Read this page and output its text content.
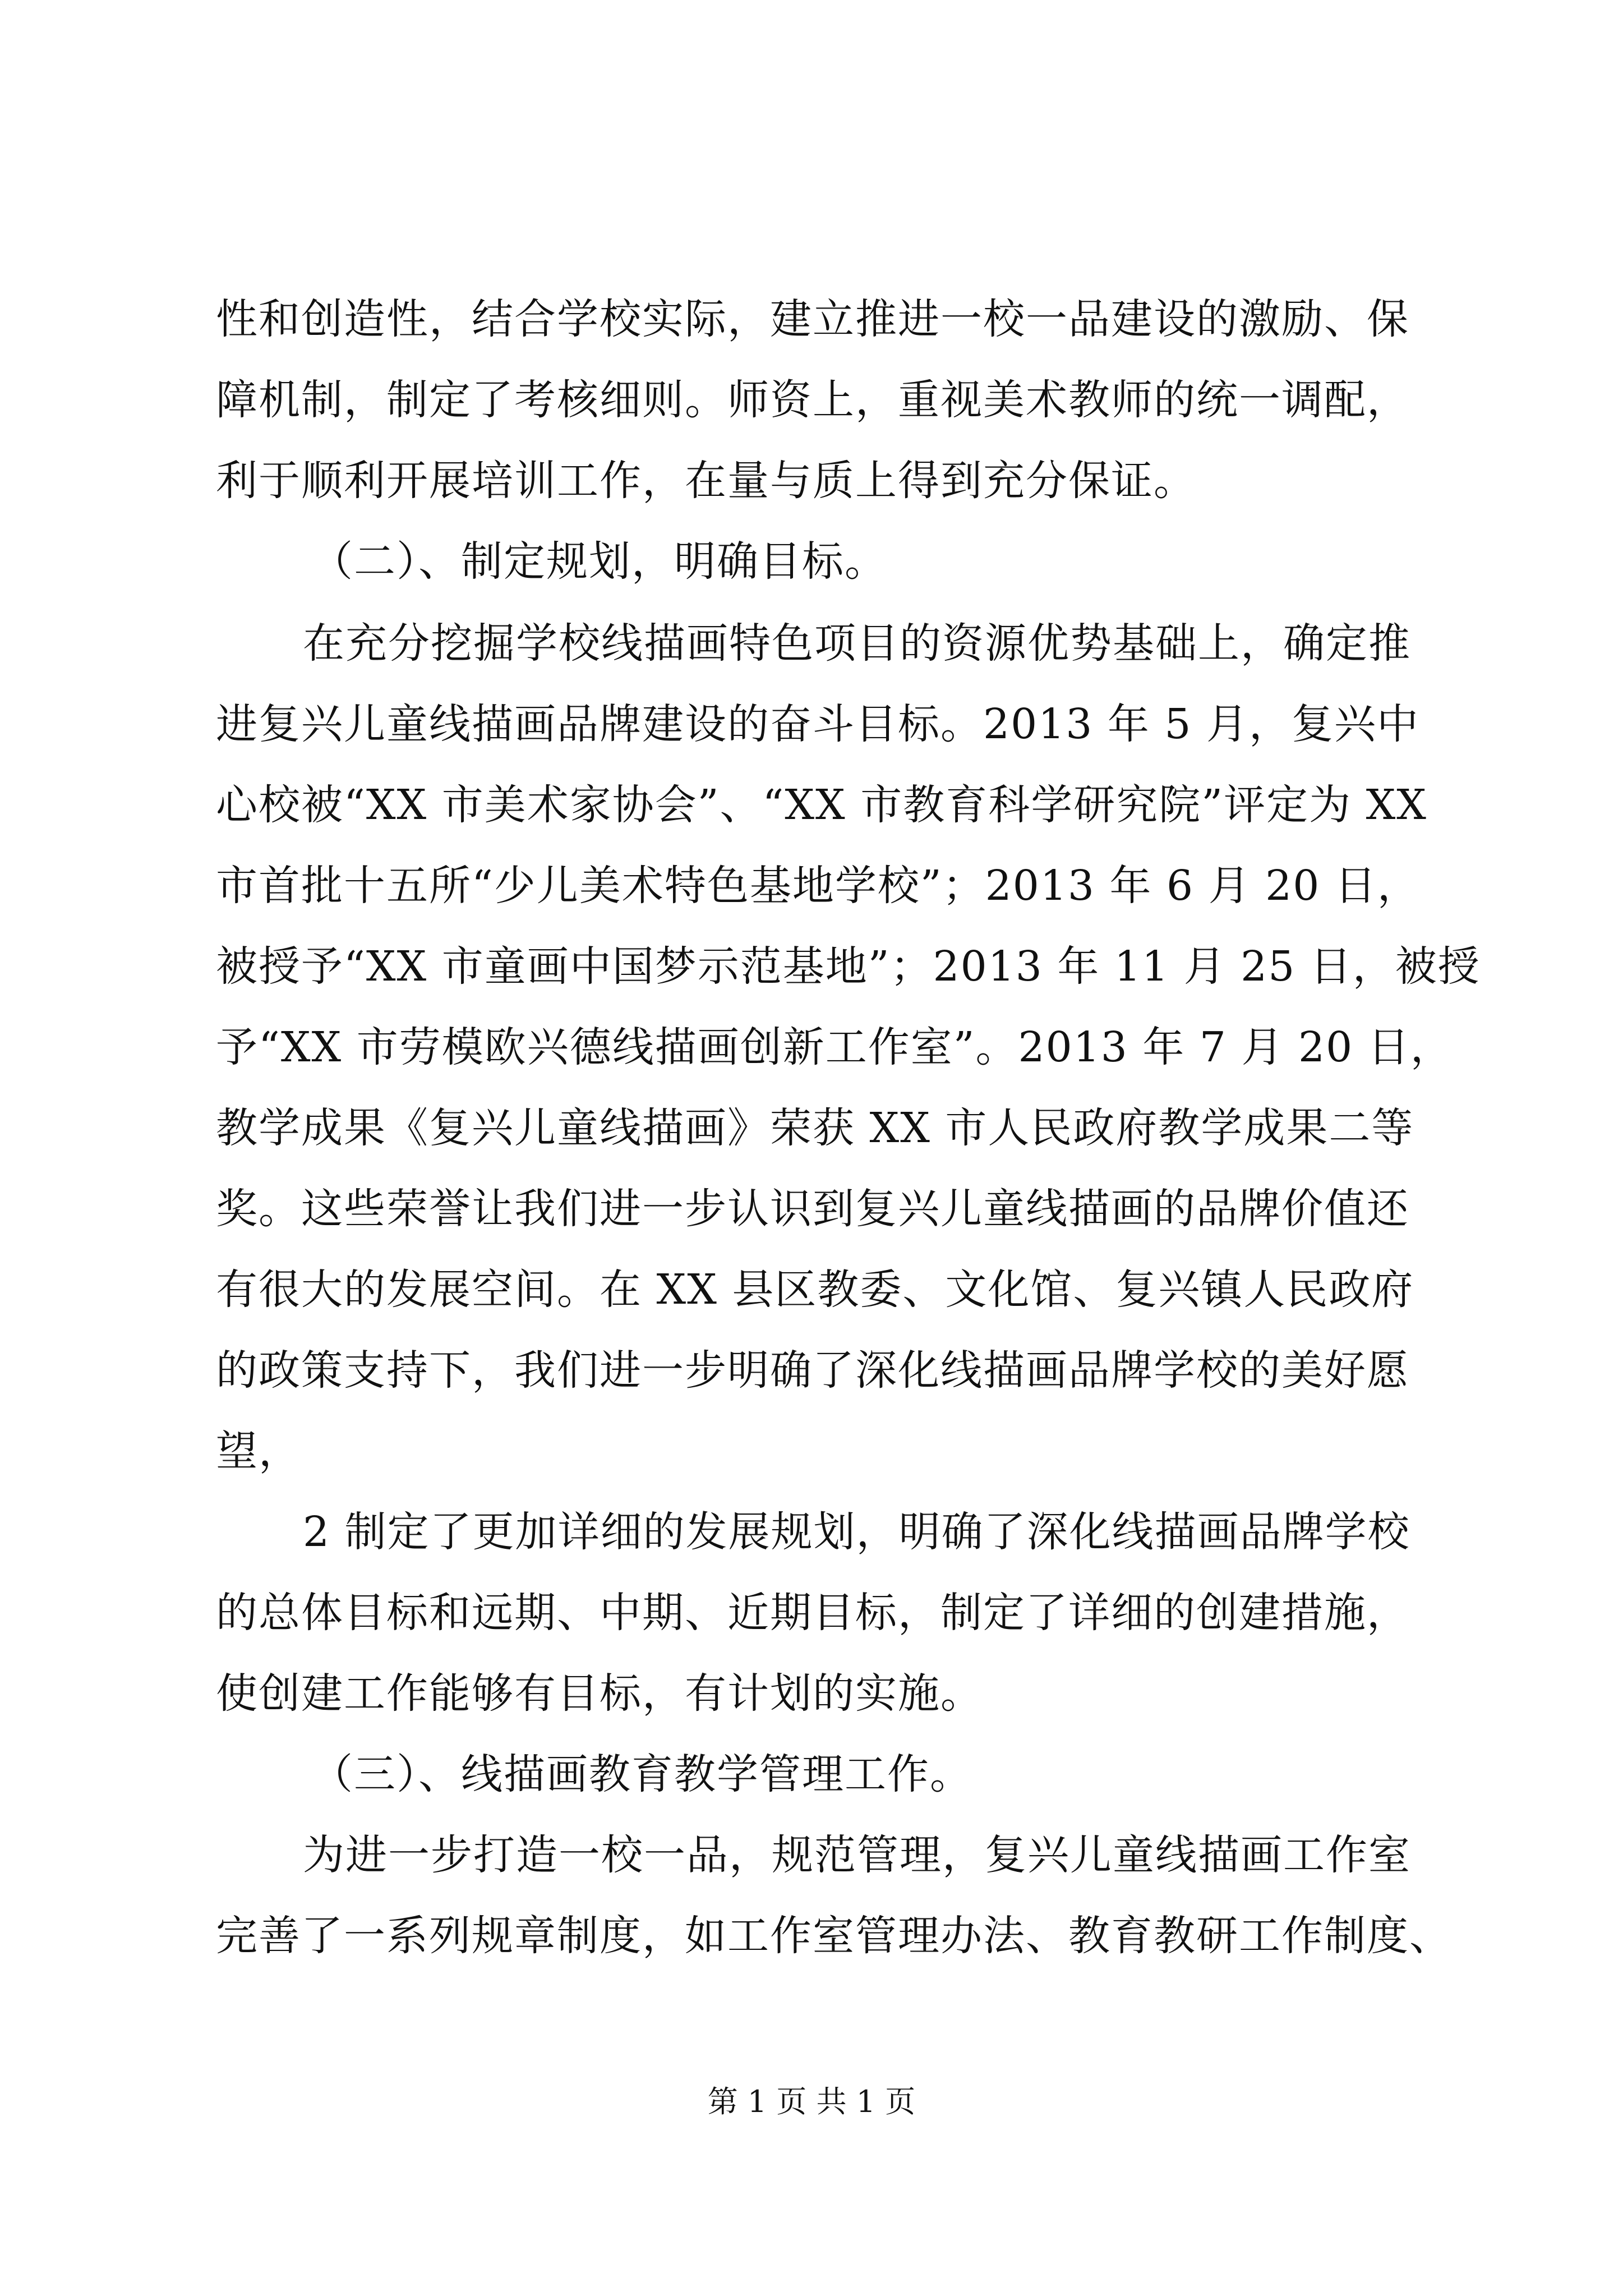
性和创造性，结合学校实际，建立推进一校一品建设的激励、保
障机制，制定了考核细则。师资上，重视美术教师的统一调配，
利于顺利开展培训工作，在量与质上得到充分保证。
（二）、制定规划，明确目标。
在充分挖掘学校线描画特色项目的资源优势基础上，确定推
进复兴儿童线描画品牌建设的奋斗目标。2013 年 5 月，复兴中
心校被“XX 市美术家协会”、“XX 市教育科学研究院”评定为 XX
市首批十五所“少儿美术特色基地学校”；2013 年 6 月 20 日，
被授予“XX 市童画中国梦示范基地”；2013 年 11 月 25 日，被授
予“XX 市劳模欧兴德线描画创新工作室”。2013 年 7 月 20 日，
教学成果《复兴儿童线描画》荣获 XX 市人民政府教学成果二等
奖。这些荣誉让我们进一步认识到复兴儿童线描画的品牌价值还
有很大的发展空间。在 XX 县区教委、文化馆、复兴镇人民政府
的政策支持下，我们进一步明确了深化线描画品牌学校的美好愿
望，
2 制定了更加详细的发展规划，明确了深化线描画品牌学校
的总体目标和远期、中期、近期目标，制定了详细的创建措施，
使创建工作能够有目标，有计划的实施。
（三）、线描画教育教学管理工作。
为进一步打造一校一品，规范管理，复兴儿童线描画工作室
完善了一系列规章制度，如工作室管理办法、教育教研工作制度、
第 1 页 共 1 页
